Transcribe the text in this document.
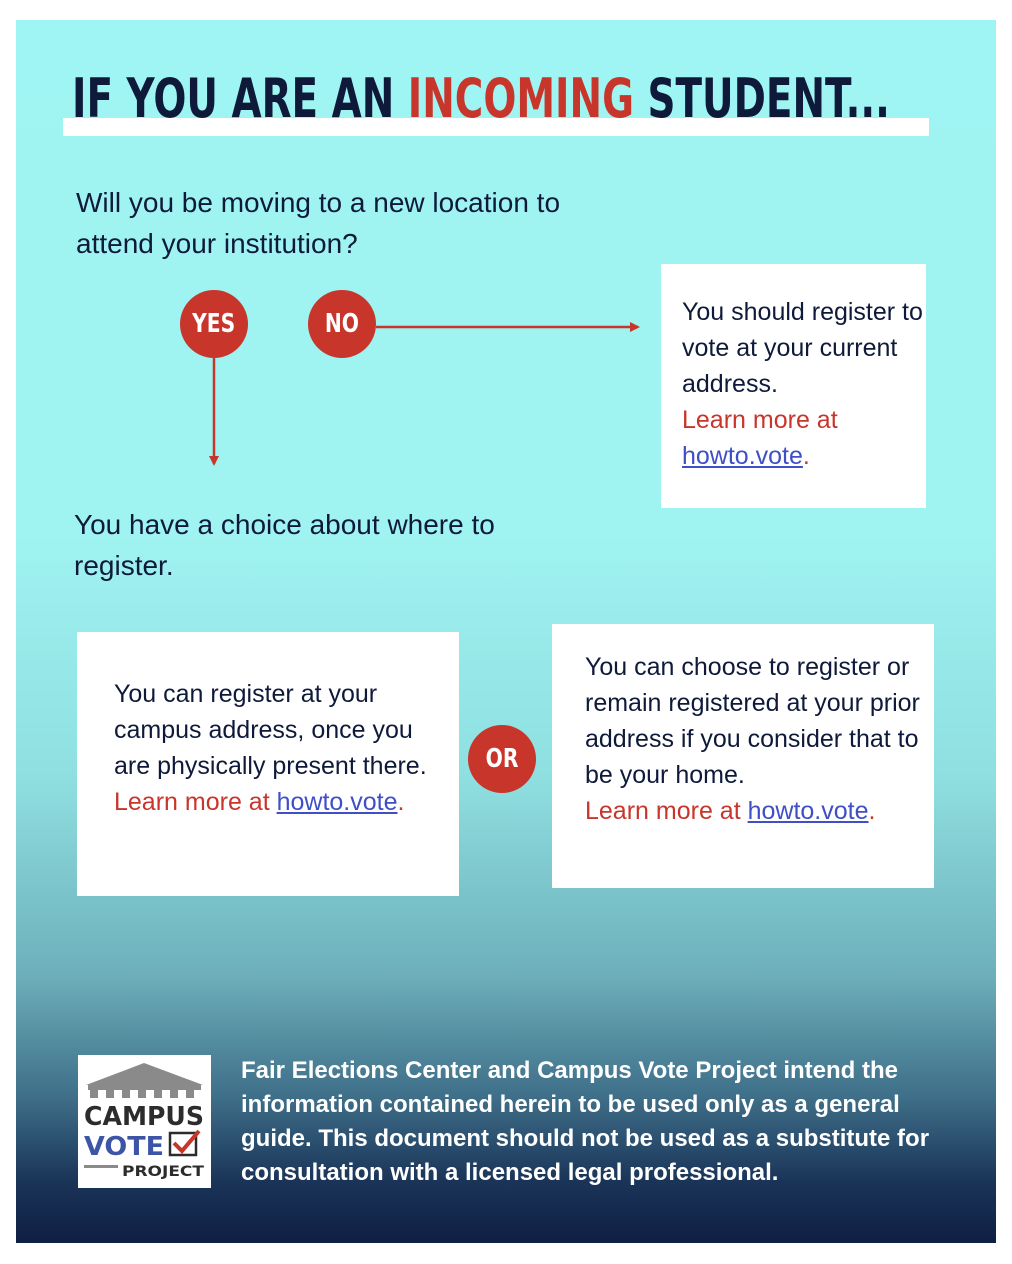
IF YOU ARE AN INCOMING STUDENT...
Will you be moving to a new location to attend your institution?
YES	NO	You should register to vote at your current address.
Learn more at
howto.vote.
You have a choice about where to register.
You can register at your campus address, once you are physically present there.
Learn more at howto.vote.
OR
You can choose to register or remain registered at your prior address if you consider that to be your home.
Learn more at howto.vote.
CAMPUS
VOTE
PROJECT
Fair Elections Center and Campus Vote Project intend the information contained herein to be used only as a general guide. This document should not be used as a substitute for consultation with a licensed legal professional.
